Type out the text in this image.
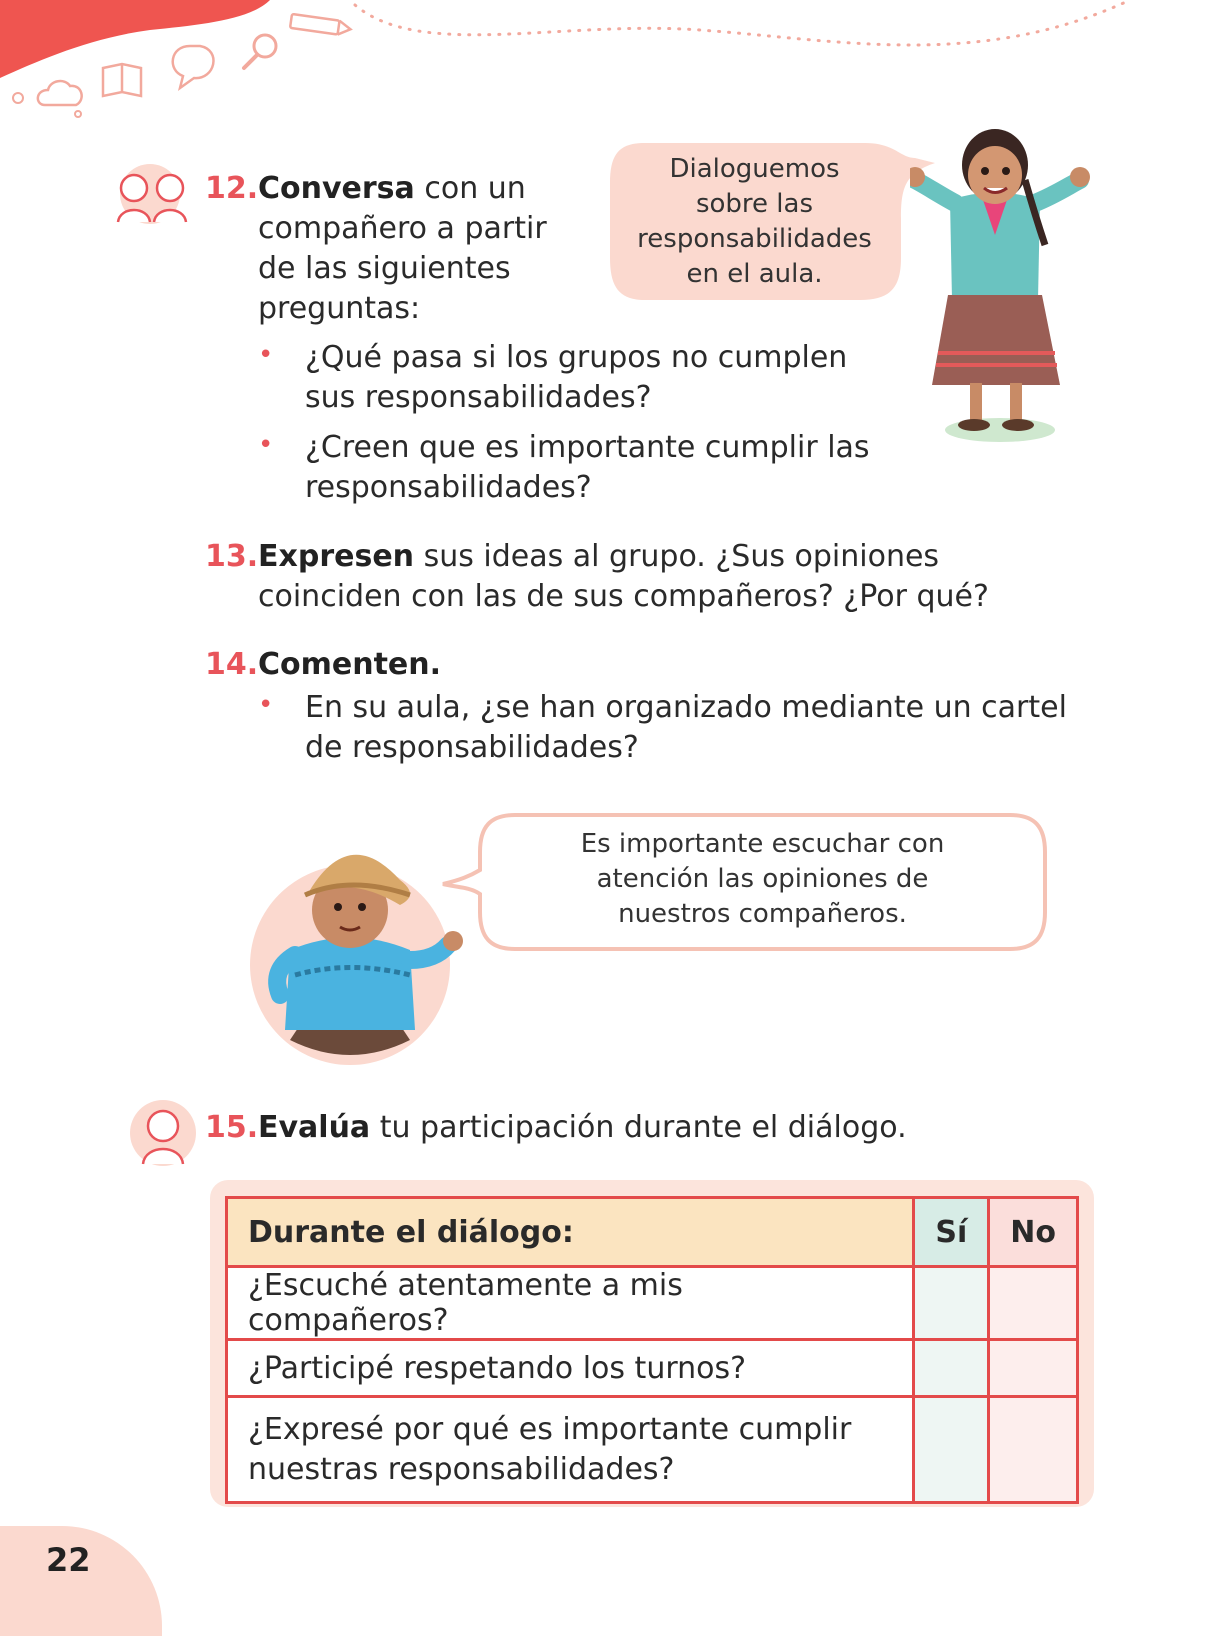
12. Conversa con un
compañero a partir
de las siguientes
preguntas:
Dialoguemos
sobre las
responsabilidades
en el aula.
• ¿Qué pasa si los grupos no cumplen
sus responsabilidades?
• ¿Creen que es importante cumplir las
responsabilidades?
13. Expresen sus ideas al grupo. ¿Sus opiniones
coinciden con las de sus compañeros? ¿Por qué?
14. Comenten.
• En su aula, ¿se han organizado mediante un cartel
de responsabilidades?
Es importante escuchar con
atención las opiniones de
nuestros compañeros.
15. Evalúa tu participación durante el diálogo.
Durante el diálogo:	Sí	No
¿Escuché atentamente a mis compañeros?		
¿Participé respetando los turnos?		

¿Expresé por qué es importante cumplir
nuestras responsabilidades?		

22
